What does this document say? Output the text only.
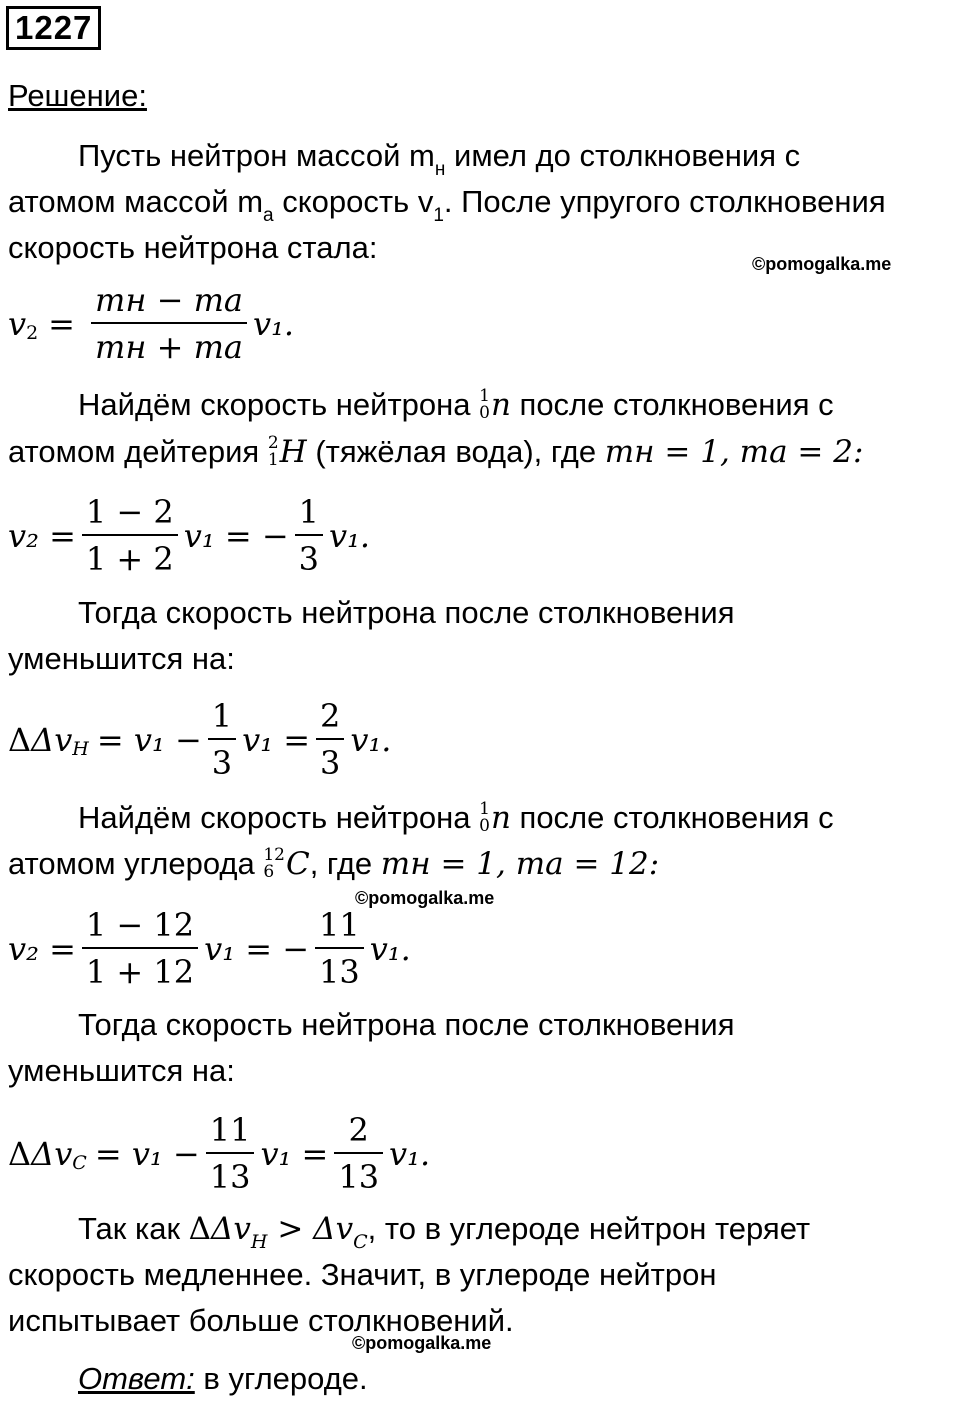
1227
Решение:

Пусть нейтрон массой $m_н$ имел до столкновения с

атомом массой $m_а$ скорость $v_1$. После упругого столкновения

скорость нейтрона стала:	©pomogalka.me
v $2 = \frac{mн - mа}{mн + mа} v_1$.

Найдём скорость нейтрона 1
0 n после столкновения с

атомом дейтерия 2
1 H (тяжёлая вода), где mн = 1, mа = 2:

$v_2 = \frac{1 - 2}{1 + 2} v_1$ = − $\frac{1}{3} v_1$.

Тогда скорость нейтрона после столкновения

уменьшится на:

Δ Δv $H = v_1 - \frac{1}{3} v_1 = \frac{2}{3} v_1$.

Найдём скорость нейтрона 1
0 n после столкновения с

атомом углерода 12
6 C, где mн = 1, mа = 12:

©pomogalka.me
$v_2 = \frac{1 - 12}{1 + 12} v_1$ = − $\frac{11}{13} v_1$.

Тогда скорость нейтрона после столкновения

уменьшится на:

Δ Δv $C = v_1 - \frac{11}{13} v_1 = \frac{2}{13} v_1$.

Так как $\Delta\Delta v_H > \Delta v_C$, то в углероде нейтрон теряет

скорость медленнее. Значит, в углероде нейтрон

испытывает больше столкновений.

©pomogalka.me

Ответ: в углероде.
